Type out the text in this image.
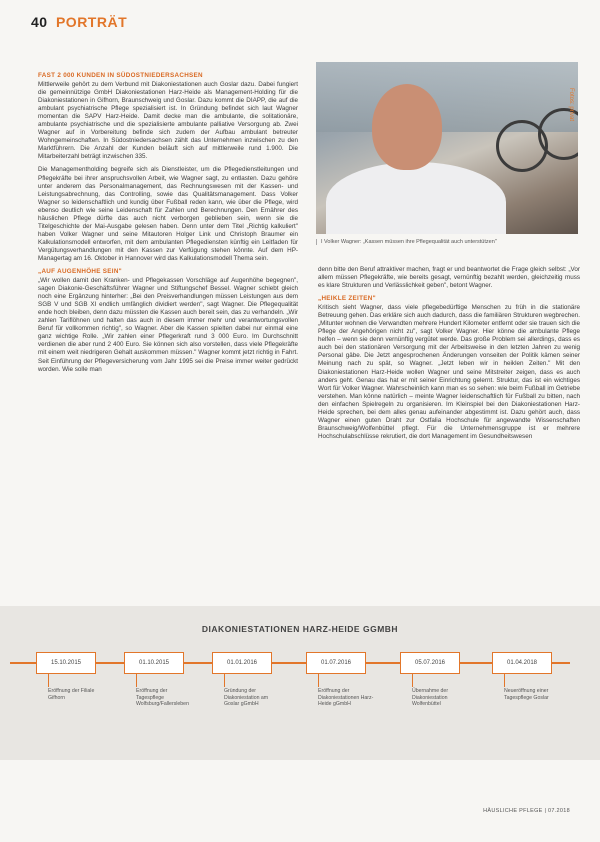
40 PORTRÄT
FAST 2 000 KUNDEN IN SÜDOSTNIEDERSACHSEN

Mittlerweile gehört zu dem Verbund mit Diakoniestationen auch Goslar dazu. Dabei fungiert die gemeinnützige GmbH Diakoniestationen Harz-Heide als Management-Holding für die Diakoniestationen in Gifhorn, Braunschweig und Goslar. Dazu kommt die DIAPP, die auf die ambulant psychiatrische Pflege spezialisiert ist. In Gründung befindet sich laut Wagner momentan die SAPV Harz-Heide. Damit decke man die ambulante, die solitationäre, ambulante psychiatrische und die spezialisierte ambulante palliative Versorgung ab. Zwei Wagner auf in Vorbereitung befinde sich zudem der Aufbau ambulant betreuter Wohngemeinschaften. In Südostniedersachsen zählt das Unternehmen inzwischen zu den Marktführern. Die Anzahl der Kunden beläuft sich auf mittlerweile rund 1.900. Die Mitarbeiterzahl beträgt inzwischen 335.

Die Managementholding begreife sich als Dienstleister, um die Pflegedienstleitungen und Pflegekräfte bei ihrer anspruchsvollen Arbeit, wie Wagner sagt, zu entlasten. Dazu gehöre unter anderem das Personalmanagement, das Rechnungswesen mit der Kassen- und Leistungsabrechnung, das Controlling, sowie das Qualitätsmanagement. Dass Volker Wagner so leidenschaftlich und kundig über Fußball reden kann, wie über die Pflege, wird ebenso deutlich wie seine Leidenschaft für Zahlen und Berechnungen. Den Ernährer des häuslichen Pflege dürfte das auch nicht verborgen geblieben sein, wenn sie die Titelgeschichte der Mai-Ausgabe gelesen haben. Denn unter dem Titel „Richtig kalkuliert" haben Volker Wagner und seine Mitautoren Holger Link und Christoph Braumer ein Kalkulationsmodell entworfen, mit dem ambulanten Pflegediensten künftig ein Leitfaden für Vergütungsverhandlungen mit den Kassen zur Verfügung stehen könnte. Auf dem HP-Managertag am 16. Oktober in Hannover wird das Kalkulationsmodell Thema sein.

„AUF AUGENHÖHE SEIN"

„Wir wollen damit den Kranken- und Pflegekassen Vorschläge auf Augenhöhe begegnen", sagen Diakonie-Geschäftsführer Wagner und Stiftungschef Bessel. Wagner schiebt gleich noch eine Ergänzung hinterher: „Bei den Preisverhandlungen müssen Leistungen aus dem SGB V und SGB XI endlich umfänglich dividiert werden", sagt Wagner. Die Pflegequalität ende hoch bleiben, denn dazu müssten die Kassen auch bereit sein, das zu verhandeln. „Wir zahlen Tariflöhnen und halten das auch in diesem immer mehr und verantwortungsvollen Beruf für vollkommen richtig", so Wagner. Aber die Kassen spielten dabei nur einmal eine ganz wichtige Rolle. „Wir zahlen einer Pflegerkraft rund 3 000 Euro. Im Durchschnitt verdienen die aber rund 2 400 Euro. Sie können sich also vorstellen, dass viele Pflegekräfte mit einem weit niedrigeren Gehalt auskommen müssen." Wagner kommt jetzt richtig in Fahrt. Seit Einführung der Pflegeversicherung vom Jahr 1995 sei die Preise immer weiter gedrückt worden. Wie solle man

Fotos: privat
I Volker Wagner: „Kassen müssen ihre Pflegequalität auch unterstützen"

denn bitte den Beruf attraktiver machen, fragt er und beantwortet die Frage gleich selbst: „Vor allem müssen Pflegekräfte, wie bereits gesagt, vernünftig bezahlt werden, gleichzeitig muss es klare Strukturen und Verlässlichkeit geben", betont Wagner.

„HEIKLE ZEITEN"

Kritisch sieht Wagner, dass viele pflegebedürftige Menschen zu früh in die stationäre Betreuung gehen. Das erkläre sich auch dadurch, dass die familiären Strukturen wegbrechen. „Mitunter wohnen die Verwandten mehrere Hundert Kilometer entfernt oder sie trauen sich die Pflege der Angehörigen nicht zu", sagt Volker Wagner. Hier könne die ambulante Pflege helfen – wenn sie denn vernünftig vergütet werde. Das große Problem sei allerdings, dass es auch bei den stationären Versorgung mit der Arbeitsweise in den letzten Jahren zu wenig Personal gäbe. Die Jetzt angesprochenen Änderungen vonseiten der Politik kämen seiner Meinung nach zu spät, so Wagner. „Jetzt leben wir in heiklen Zeiten." Mit den Diakoniestationen Harz-Heide wollen Wagner und seine Mitstreiter zeigen, dass es auch anders geht. Genau das hat er mit seiner Einrichtung gelernt. Struktur, das ist ein wichtiges Wort für Volker Wagner. Wahrscheinlich kann man es so sehen: wie beim Fußball im Getriebe verstehen. Man könne natürlich – meinte Wagner leidenschaftlich für Fußball zu bitten, nach den einfachen Spielregeln zu organisieren. Im Kleinspiel bei den Diakoniestationen Harz-Heide sprechen, bei dem alles genau aufeinander abgestimmt ist. Dazu gehört auch, dass Wagner einen guten Draht zur Ostfalia Hochschule für angewandte Wissenschaften Braunschweig/Wolfenbüttel pflegt. Für die Unternehmensgruppe ist er mehrere Hochschulabschlüsse rekrutiert, die dort Management im Gesundheitswesen

DIAKONIESTATIONEN HARZ-HEIDE GGMBH
15.10.2015
Eröffnung der Filiale Gifhorn
01.10.2015
Eröffnung der Tagespflege Wolfsburg/Fallersleben
01.01.2016
Gründung der Diakoniestation am Goslar gGmbH
01.07.2016
Eröffnung der Diakoniestationen Harz-Heide gGmbH
05.07.2016
Übernahme der Diakoniestation Wolfenbüttel
01.04.2018
Neueröffnung einer Tagespflege Goslar
HÄUSLICHE PFLEGE | 07.2018
